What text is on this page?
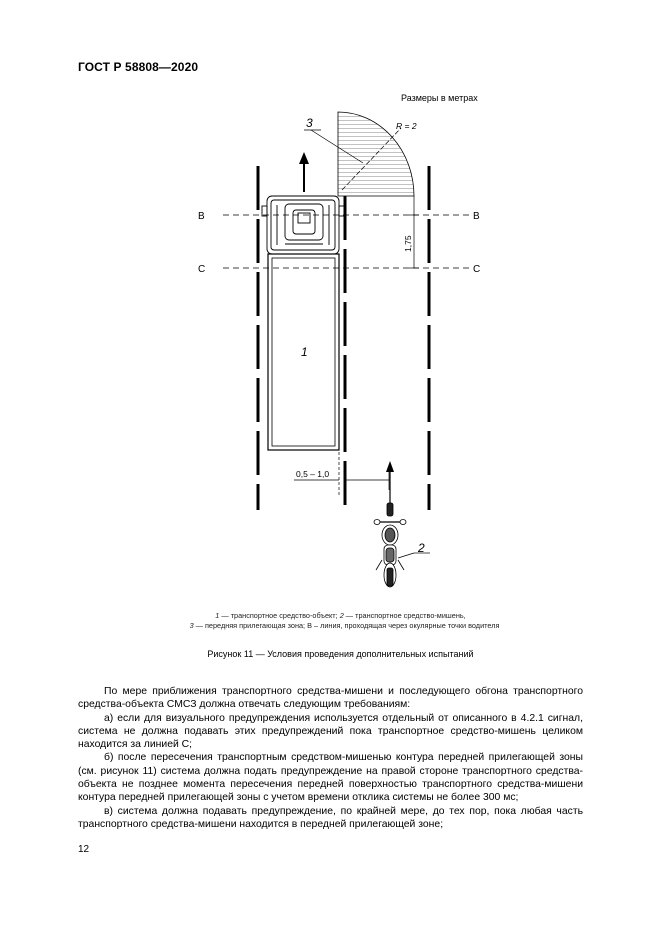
ГОСТ Р 58808—2020
Размеры в метрах
R = 2
3
1
B	B
C	C
1,75
0,5 – 1,0
2
1 — транспортное средство-объект; 2 — транспортное средство-мишень,
3 — передняя прилегающая зона; В – линия, проходящая через окулярные точки водителя
Рисунок 11 — Условия проведения дополнительных испытаний

По мере приближения транспортного средства-мишени и последующего обгона транспортного средства-объекта СМСЗ должна отвечать следующим требованиям:

а) если для визуального предупреждения используется отдельный от описанного в 4.2.1 сигнал, система не должна подавать этих предупреждений пока транспортное средство-мишень целиком находится за линией С;

б) после пересечения транспортным средством-мишенью контура передней прилегающей зоны (см. рисунок 11) система должна подать предупреждение на правой стороне транспортного средства-объекта не позднее момента пересечения передней поверхностью транспортного средства-мишени контура передней прилегающей зоны с учетом времени отклика системы не более 300 мс;

в) система должна подавать предупреждение, по крайней мере, до тех пор, пока любая часть транспортного средства-мишени находится в передней прилегающей зоне;

12
